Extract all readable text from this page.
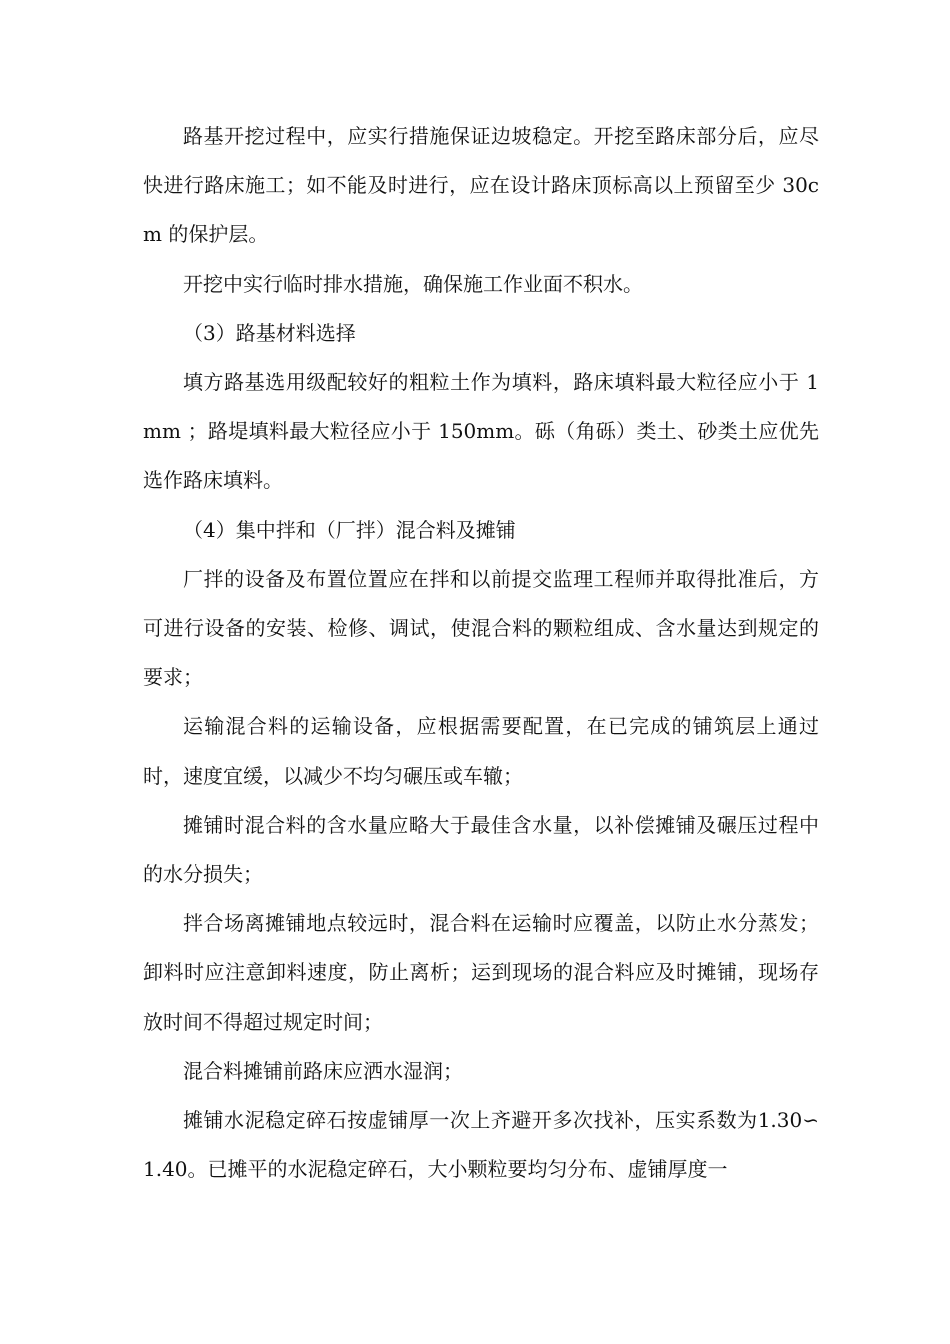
路基开挖过程中，应实行措施保证边坡稳定。开挖至路床部分后，应尽快进行路床施工；如不能及时进行，应在设计路床顶标高以上预留至少 30cm 的保护层。

开挖中实行临时排水措施，确保施工作业面不积水。

（3）路基材料选择

填方路基选用级配较好的粗粒土作为填料，路床填料最大粒径应小于 1mm ；路堤填料最大粒径应小于 150mm。砾（角砾）类土、砂类土应优先选作路床填料。

（4）集中拌和（厂拌）混合料及摊铺

厂拌的设备及布置位置应在拌和以前提交监理工程师并取得批准后，方可进行设备的安装、检修、调试，使混合料的颗粒组成、含水量达到规定的要求；

运输混合料的运输设备，应根据需要配置，在已完成的铺筑层上通过时，速度宜缓，以减少不均匀碾压或车辙；

摊铺时混合料的含水量应略大于最佳含水量，以补偿摊铺及碾压过程中的水分损失；

拌合场离摊铺地点较远时，混合料在运输时应覆盖，以防止水分蒸发；卸料时应注意卸料速度，防止离析；运到现场的混合料应及时摊铺，现场存放时间不得超过规定时间；

混合料摊铺前路床应洒水湿润；

摊铺水泥稳定碎石按虚铺厚一次上齐避开多次找补，压实系数为1.30∽1.40。已摊平的水泥稳定碎石，大小颗粒要均匀分布、虚铺厚度一
